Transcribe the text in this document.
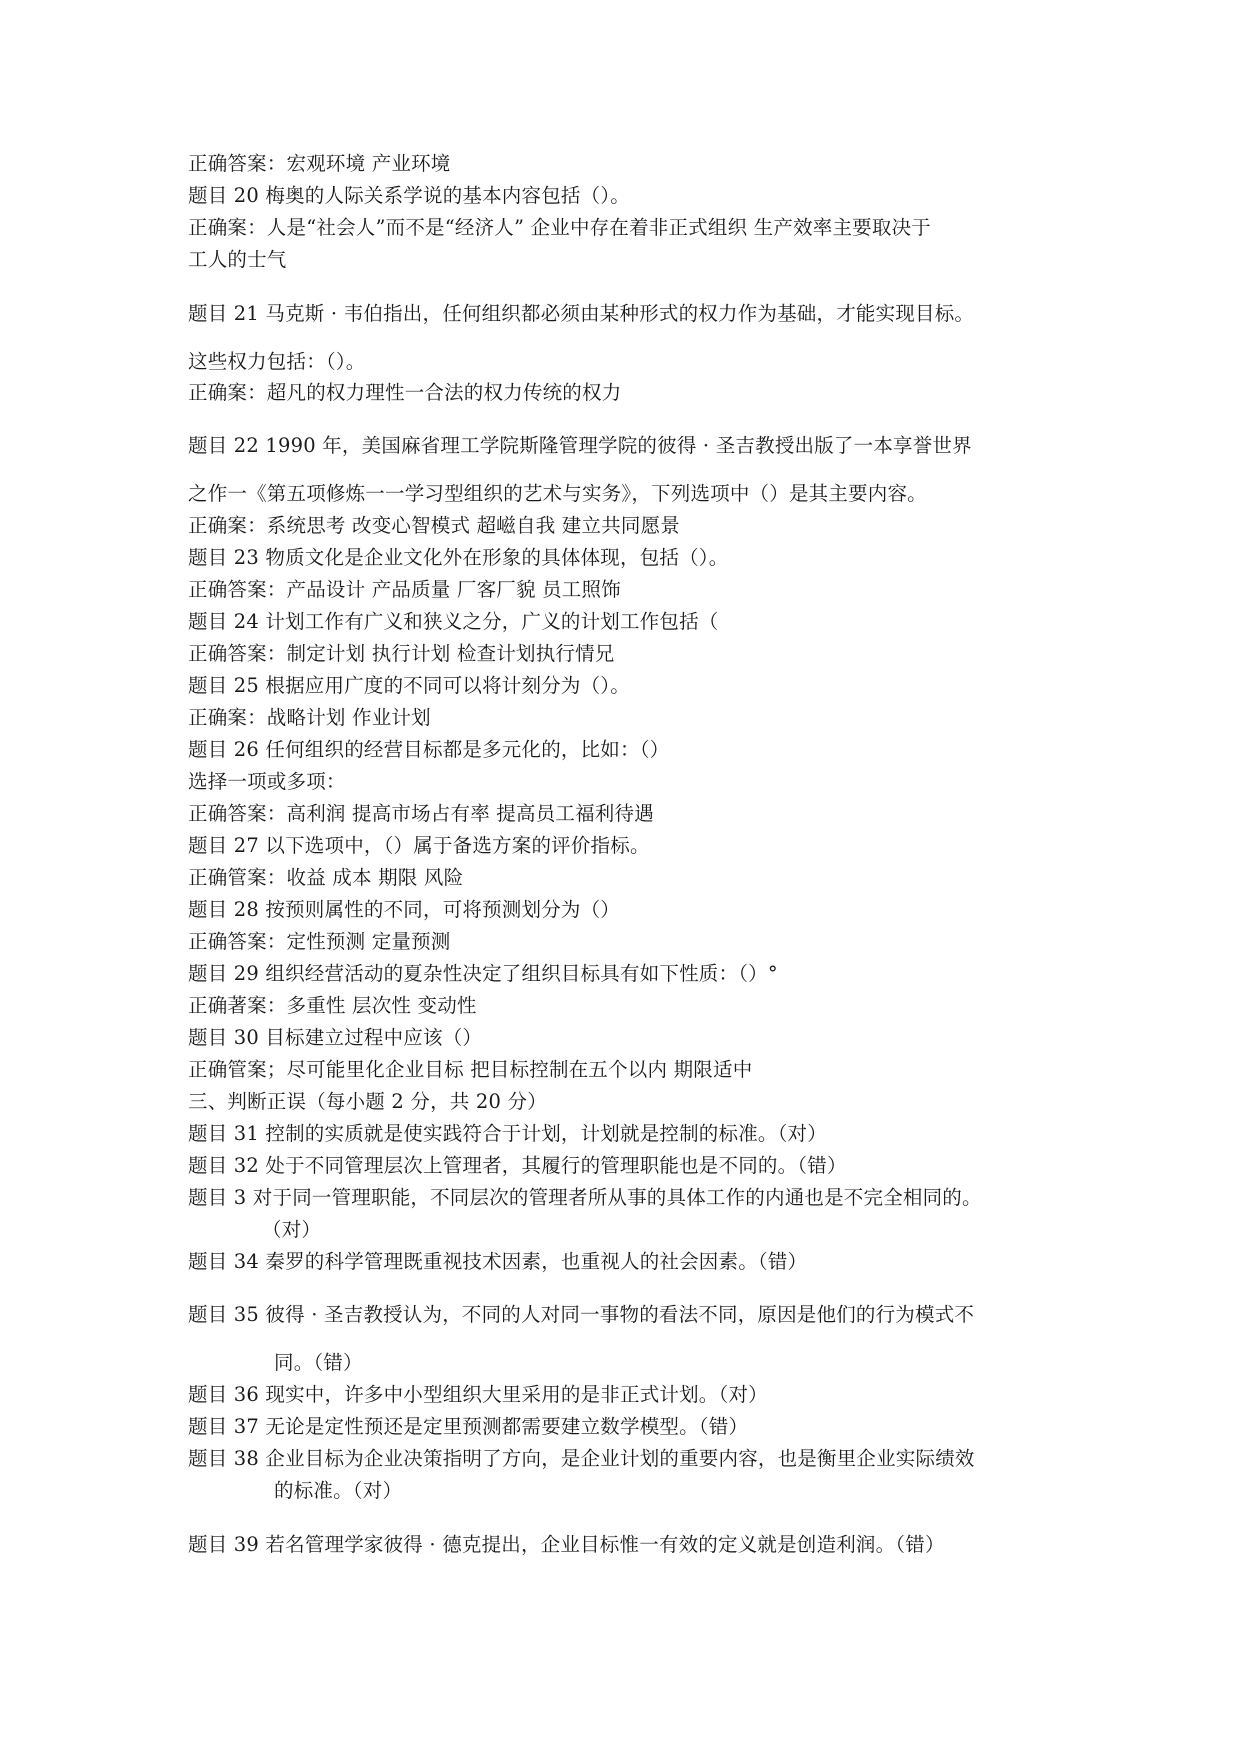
正确答案：宏观环境 产业环境
题目 20 梅奥的人际关系学说的基本内容包括（）。
正确案：人是“社会人”而不是“经济人” 企业中存在着非正式组织 生产效率主要取决于
工人的士气
题目 21 马克斯 · 韦伯指出，任何组织都必须由某种形式的权力作为基础，才能实现目标。
这些权力包括：（）。
正确案：超凡的权力理性一合法的权力传统的权力
题目 22 1990 年，美国麻省理工学院斯隆管理学院的彼得 · 圣吉教授出版了一本享誉世界
之作一《第五项修炼一一学习型组织的艺术与实务》，下列选项中（）是其主要内容。
正确案：系统思考 改变心智模式 超嵫自我 建立共同愿景
题目 23 物质文化是企业文化外在形象的具体体现，包括（）。
正确答案：产品设计 产品质量 厂客厂貌 员工照饰
题目 24 计划工作有广义和狭义之分，广义的计划工作包括（
正确答案：制定计划 执行计划 检查计划执行情兄
题目 25 根据应用广度的不同可以将计刻分为（）。
正确案：战略计划 作业计划
题目 26 任何组织的经营目标都是多元化的，比如：（）
选择一项或多项：
正确答案：高利润 提高市场占有率 提高员工福利待遇
题目 27 以下选项中，（）属于备选方案的评价指标。
正确管案：收益 成本 期限 风险
题目 28 按预则属性的不同，可将预测划分为（）
正确答案：定性预测 定量预测
题目 29 组织经营活动的夏杂性决定了组织目标具有如下性质：（）°
正确著案：多重性 层次性 变动性
题目 30 目标建立过程中应该（）
正确管案；尽可能里化企业目标 把目标控制在五个以内 期限适中
三、判断正误（每小题 2 分，共 20 分）
题目 31 控制的实质就是使实践符合于计划，计划就是控制的标准。（对）
题目 32 处于不同管理层次上管理者，其履行的管理职能也是不同的。（错）
题目 3 对于同一管理职能，不同层次的管理者所从事的具体工作的内通也是不完全相同的。
（对）
题目 34 秦罗的科学管理既重视技术因素，也重视人的社会因素。（错）
题目 35 彼得 · 圣吉教授认为，不同的人对同一事物的看法不同，原因是他们的行为模式不
同。（错）
题目 36 现实中，许多中小型组织大里采用的是非正式计划。（对）
题目 37 无论是定性预还是定里预测都需要建立数学模型。（错）
题目 38 企业目标为企业决策指明了方向，是企业计划的重要内容，也是衡里企业实际绩效
的标准。（对）
题目 39 若名管理学家彼得 · 德克提出，企业目标惟一有效的定义就是创造利润。（错）
